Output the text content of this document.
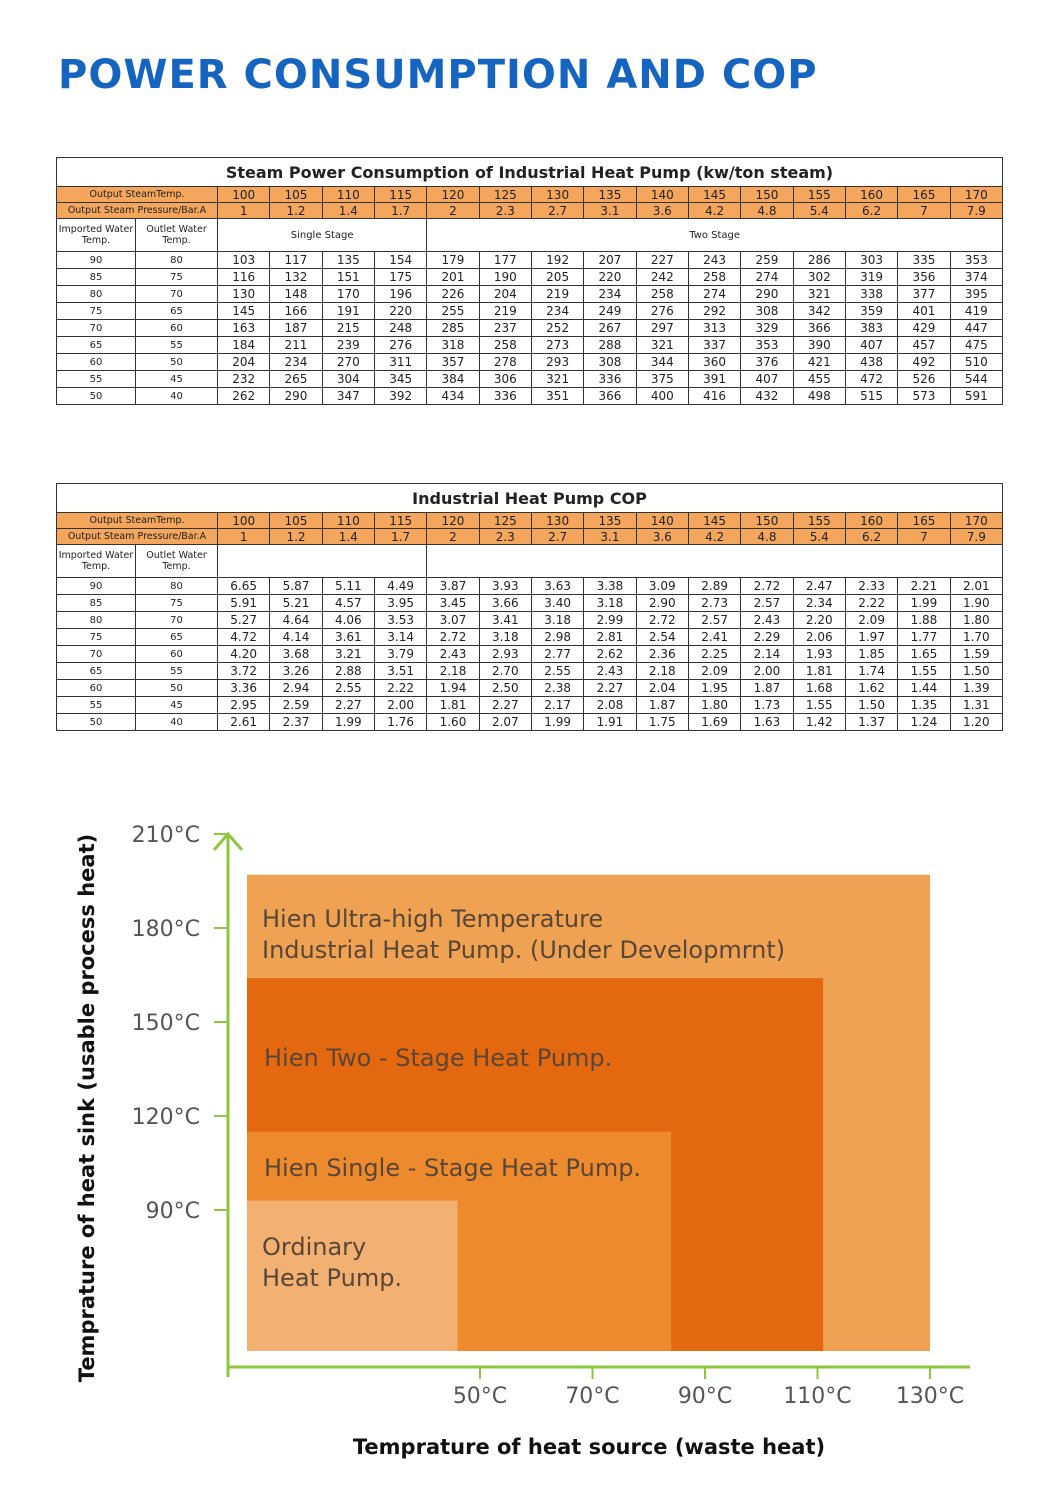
POWER CONSUMPTION AND COP
Steam Power Consumption of Industrial Heat Pump (kw/ton steam)																
Output SteamTemp.		100	105	110	115	120	125	130	135	140	145	150	155	160	165	170
Output Steam Pressure/Bar.A		1	1.2	1.4	1.7	2	2.3	2.7	3.1	3.6	4.2	4.8	5.4	6.2	7	7.9
Imported Water Temp.	Outlet Water Temp.	Single Stage				Two Stage										
90	80	103	117	135	154	179	177	192	207	227	243	259	286	303	335	353
85	75	116	132	151	175	201	190	205	220	242	258	274	302	319	356	374
80	70	130	148	170	196	226	204	219	234	258	274	290	321	338	377	395
75	65	145	166	191	220	255	219	234	249	276	292	308	342	359	401	419
70	60	163	187	215	248	285	237	252	267	297	313	329	366	383	429	447
65	55	184	211	239	276	318	258	273	288	321	337	353	390	407	457	475
60	50	204	234	270	311	357	278	293	308	344	360	376	421	438	492	510
55	45	232	265	304	345	384	306	321	336	375	391	407	455	472	526	544
50	40	262	290	347	392	434	336	351	366	400	416	432	498	515	573	591
Industrial Heat Pump COP																
Output SteamTemp.		100	105	110	115	120	125	130	135	140	145	150	155	160	165	170
Output Steam Pressure/Bar.A		1	1.2	1.4	1.7	2	2.3	2.7	3.1	3.6	4.2	4.8	5.4	6.2	7	7.9
Imported Water Temp.	Outlet Water Temp.															
90	80	6.65	5.87	5.11	4.49	3.87	3.93	3.63	3.38	3.09	2.89	2.72	2.47	2.33	2.21	2.01
85	75	5.91	5.21	4.57	3.95	3.45	3.66	3.40	3.18	2.90	2.73	2.57	2.34	2.22	1.99	1.90
80	70	5.27	4.64	4.06	3.53	3.07	3.41	3.18	2.99	2.72	2.57	2.43	2.20	2.09	1.88	1.80
75	65	4.72	4.14	3.61	3.14	2.72	3.18	2.98	2.81	2.54	2.41	2.29	2.06	1.97	1.77	1.70
70	60	4.20	3.68	3.21	3.79	2.43	2.93	2.77	2.62	2.36	2.25	2.14	1.93	1.85	1.65	1.59
65	55	3.72	3.26	2.88	3.51	2.18	2.70	2.55	2.43	2.18	2.09	2.00	1.81	1.74	1.55	1.50
60	50	3.36	2.94	2.55	2.22	1.94	2.50	2.38	2.27	2.04	1.95	1.87	1.68	1.62	1.44	1.39
55	45	2.95	2.59	2.27	2.00	1.81	2.27	2.17	2.08	1.87	1.80	1.73	1.55	1.50	1.35	1.31
50	40	2.61	2.37	1.99	1.76	1.60	2.07	1.99	1.91	1.75	1.69	1.63	1.42	1.37	1.24	1.20
Hien Ultra-high Temperature
Industrial Heat Pump. (Under Developmrnt)
Hien Two - Stage Heat Pump.
Hien Single - Stage Heat Pump.
Ordinary
Heat Pump.
90°C
120°C
150°C
180°C
210°C
50°C	70°C	90°C 110°C 130°C
Temprature of heat source (waste heat)
Temprature of heat sink (usable process heat)
